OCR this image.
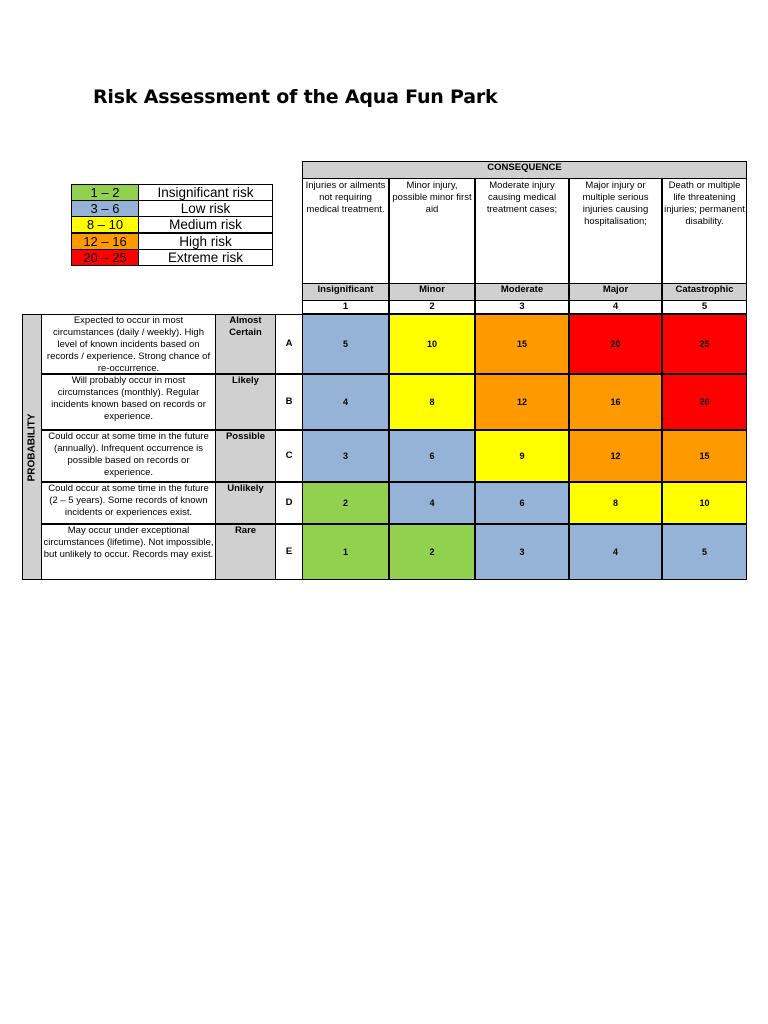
Risk Assessment of the Aqua Fun Park
1 – 2	Insignificant risk
3 – 6	Low risk
8 – 10	Medium risk
12 – 16	High risk
20 – 25	Extreme risk
CONSEQUENCE
Injuries or ailments not requiring medical treatment.
Insignificant
1
Minor injury, possible minor first aid
Minor
2
Moderate injury causing medical treatment cases;
Moderate
3
Major injury or multiple serious injuries causing hospitalisation;
Major
4
Death or multiple life threatening injuries; permanent disability.
Catastrophic
5
PROBABILITY
Expected to occur in most circumstances (daily / weekly). High level of known incidents based on records / experience. Strong chance of re-occurrence.
Almost Certain
A	5	10	15	20	25
Will probably occur in most circumstances (monthly). Regular incidents known based on records or experience.
Likely
B	4	8	12	16	20
Could occur at some time in the future (annually). Infrequent occurrence is possible based on records or experience.
Possible
C	3	6	9	12	15
Could occur at some time in the future (2 – 5 years). Some records of known incidents or experiences exist.
Unlikely
D	2	4	6	8	10
May occur under exceptional circumstances (lifetime). Not impossible, but unlikely to occur. Records may exist.
Rare
E	1	2	3	4	5
